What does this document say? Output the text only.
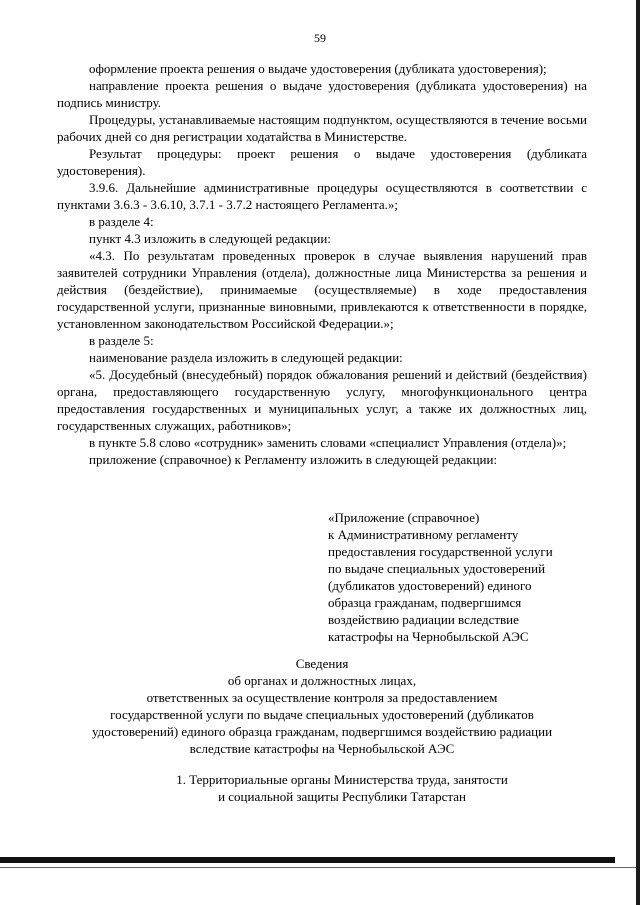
59

оформление проекта решения о выдаче удостоверения (дубликата удостоверения);

направление проекта решения о выдаче удостоверения (дубликата удостоверения) на подпись министру.

Процедуры, устанавливаемые настоящим подпунктом, осуществляются в течение восьми рабочих дней со дня регистрации ходатайства в Министерстве.

Результат процедуры: проект решения о выдаче удостоверения (дубликата удостоверения).

3.9.6. Дальнейшие административные процедуры осуществляются в соответствии с пунктами 3.6.3 - 3.6.10, 3.7.1 - 3.7.2 настоящего Регламента.»;

в разделе 4:

пункт 4.3 изложить в следующей редакции:

«4.3. По результатам проведенных проверок в случае выявления нарушений прав заявителей сотрудники Управления (отдела), должностные лица Министерства за решения и действия (бездействие), принимаемые (осуществляемые) в ходе предоставления государственной услуги, признанные виновными, привлекаются к ответственности в порядке, установленном законодательством Российской Федерации.»;

в разделе 5:

наименование раздела изложить в следующей редакции:

«5. Досудебный (внесудебный) порядок обжалования решений и действий (бездействия) органа, предоставляющего государственную услугу, многофункционального центра предоставления государственных и муниципальных услуг, а также их должностных лиц, государственных служащих, работников»;

в пункте 5.8 слово «сотрудник» заменить словами «специалист Управления (отдела)»;

приложение (справочное) к Регламенту изложить в следующей редакции:

«Приложение (справочное)
к Административному регламенту
предоставления государственной услуги
по выдаче специальных удостоверений
(дубликатов удостоверений) единого
образца гражданам, подвергшимся
воздействию радиации вследствие
катастрофы на Чернобыльской АЭС
Сведения
об органах и должностных лицах,
ответственных за осуществление контроля за предоставлением
государственной услуги по выдаче специальных удостоверений (дубликатов
удостоверений) единого образца гражданам, подвергшимся воздействию радиации
вследствие катастрофы на Чернобыльской АЭС
1. Территориальные органы Министерства труда, занятости
и социальной защиты Республики Татарстан
